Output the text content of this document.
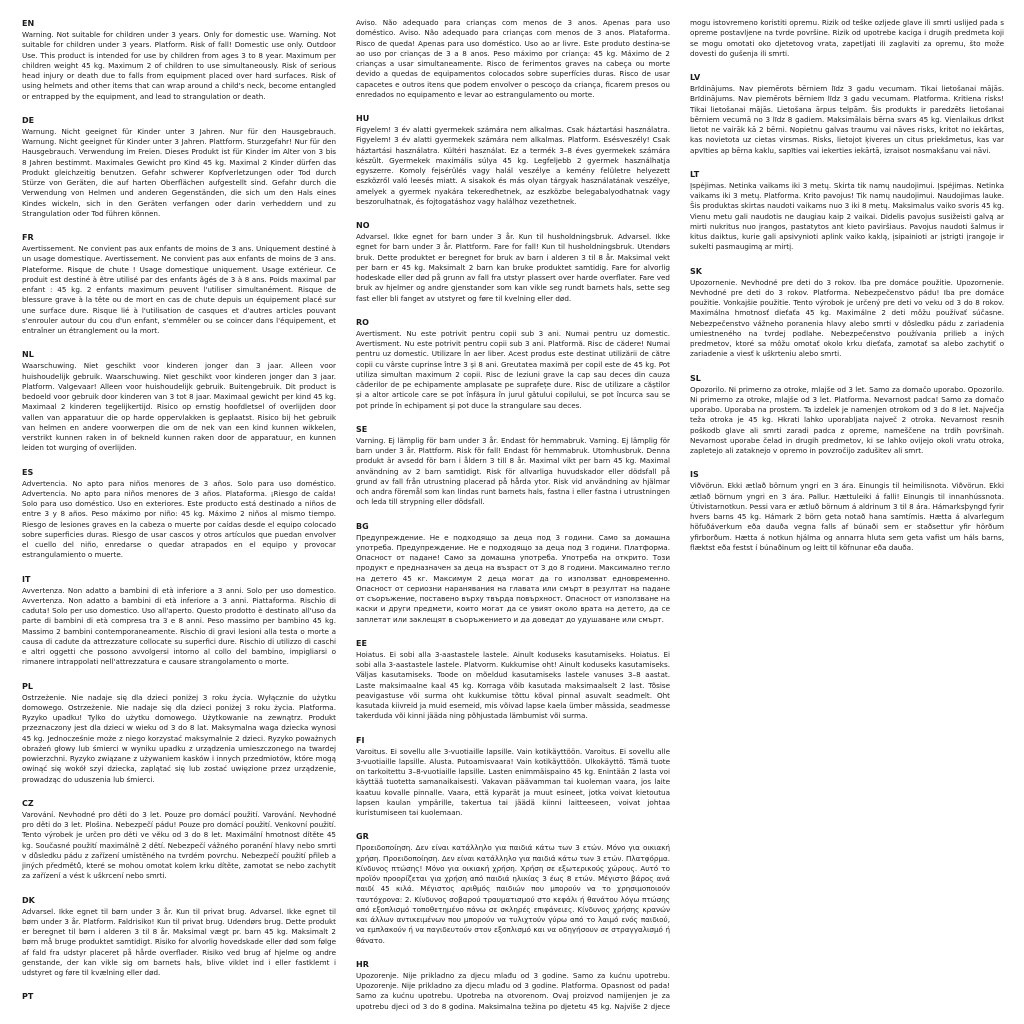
EN
Warning. Not suitable for children under 3 years. Only for domestic use. Warning. Not suitable for children under 3 years. Platform. Risk of fall! Domestic use only. Outdoor Use. This product is intended for use by children from ages 3 to 8 year. Maximum per children weight 45 kg. Maximum 2 of children to use simultaneously. Risk of serious head injury or death due to falls from equipment placed over hard surfaces. Risk of using helmets and other items that can wrap around a child's neck, become entangled or entrapped by the equipment, and lead to strangulation or death.
DE
Warnung. Nicht geeignet für Kinder unter 3 Jahren. Nur für den Hausgebrauch. Warnung. Nicht geeignet für Kinder unter 3 Jahren. Plattform. Sturzgefahr! Nur für den Hausgebrauch. Verwendung im Freien. Dieses Produkt ist für Kinder im Alter von 3 bis 8 Jahren bestimmt. Maximales Gewicht pro Kind 45 kg. Maximal 2 Kinder dürfen das Produkt gleichzeitig benutzen. Gefahr schwerer Kopfverletzungen oder Tod durch Stürze von Geräten, die auf harten Oberflächen aufgestellt sind. Gefahr durch die Verwendung von Helmen und anderen Gegenständen, die sich um den Hals eines Kindes wickeln, sich in den Geräten verfangen oder darin verheddern und zu Strangulation oder Tod führen können.
FR
Avertissement. Ne convient pas aux enfants de moins de 3 ans. Uniquement destiné à un usage domestique. Avertissement. Ne convient pas aux enfants de moins de 3 ans. Plateforme. Risque de chute ! Usage domestique uniquement. Usage extérieur. Ce produit est destiné à être utilisé par des enfants âgés de 3 à 8 ans. Poids maximal par enfant : 45 kg. 2 enfants maximum peuvent l'utiliser simultanément. Risque de blessure grave à la tête ou de mort en cas de chute depuis un équipement placé sur une surface dure. Risque lié à l'utilisation de casques et d'autres articles pouvant s'enrouler autour du cou d'un enfant, s'emmêler ou se coincer dans l'équipement, et entraîner un étranglement ou la mort.
NL
Waarschuwing. Niet geschikt voor kinderen jonger dan 3 jaar. Alleen voor huishoudelijk gebruik. Waarschuwing. Niet geschikt voor kinderen jonger dan 3 jaar. Platform. Valgevaar! Alleen voor huishoudelijk gebruik. Buitengebruik. Dit product is bedoeld voor gebruik door kinderen van 3 tot 8 jaar. Maximaal gewicht per kind 45 kg. Maximaal 2 kinderen tegelijkertijd. Risico op ernstig hoofdletsel of overlijden door vallen van apparatuur die op harde oppervlakken is geplaatst. Risico bij het gebruik van helmen en andere voorwerpen die om de nek van een kind kunnen wikkelen, verstrikt kunnen raken in of bekneld kunnen raken door de apparatuur, en kunnen leiden tot wurging of overlijden.
ES
Advertencia. No apto para niños menores de 3 años. Solo para uso doméstico. Advertencia. No apto para niños menores de 3 años. Plataforma. ¡Riesgo de caída! Solo para uso doméstico. Uso en exteriores. Este producto está destinado a niños de entre 3 y 8 años. Peso máximo por niño: 45 kg. Máximo 2 niños al mismo tiempo. Riesgo de lesiones graves en la cabeza o muerte por caídas desde el equipo colocado sobre superficies duras. Riesgo de usar cascos y otros artículos que puedan envolver el cuello del niño, enredarse o quedar atrapados en el equipo y provocar estrangulamiento o muerte.
IT
Avvertenza. Non adatto a bambini di età inferiore a 3 anni. Solo per uso domestico. Avvertenza. Non adatto a bambini di età inferiore a 3 anni. Piattaforma. Rischio di caduta! Solo per uso domestico. Uso all'aperto. Questo prodotto è destinato all'uso da parte di bambini di età compresa tra 3 e 8 anni. Peso massimo per bambino 45 kg. Massimo 2 bambini contemporaneamente. Rischio di gravi lesioni alla testa o morte a causa di cadute da attrezzature collocate su superfici dure. Rischio di utilizzo di caschi e altri oggetti che possono avvolgersi intorno al collo del bambino, impigliarsi o rimanere intrappolati nell'attrezzatura e causare strangolamento o morte.
PL
Ostrzeżenie. Nie nadaje się dla dzieci poniżej 3 roku życia. Wyłącznie do użytku domowego. Ostrzeżenie. Nie nadaje się dla dzieci poniżej 3 roku życia. Platforma. Ryzyko upadku! Tylko do użytku domowego. Użytkowanie na zewnątrz. Produkt przeznaczony jest dla dzieci w wieku od 3 do 8 lat. Maksymalna waga dziecka wynosi 45 kg. Jednocześnie może z niego korzystać maksymalnie 2 dzieci. Ryzyko poważnych obrażeń głowy lub śmierci w wyniku upadku z urządzenia umieszczonego na twardej powierzchni. Ryzyko związane z używaniem kasków i innych przedmiotów, które mogą owinąć się wokół szyi dziecka, zaplątać się lub zostać uwięzione przez urządzenie, prowadząc do uduszenia lub śmierci.
CZ
Varování. Nevhodné pro děti do 3 let. Pouze pro domácí použití. Varování. Nevhodné pro děti do 3 let. Plošina. Nebezpečí pádu! Pouze pro domácí použití. Venkovní použití. Tento výrobek je určen pro děti ve věku od 3 do 8 let. Maximální hmotnost dítěte 45 kg. Současné použití maximálně 2 dětí. Nebezpečí vážného poranění hlavy nebo smrti v důsledku pádu z zařízení umístěného na tvrdém povrchu. Nebezpečí použití přileb a jiných předmětů, které se mohou omotat kolem krku dítěte, zamotat se nebo zachytit za zařízení a vést k uškrcení nebo smrti.
DK
Advarsel. Ikke egnet til børn under 3 år. Kun til privat brug. Advarsel. Ikke egnet til børn under 3 år. Platform. Faldrisiko! Kun til privat brug. Udendørs brug. Dette produkt er beregnet til børn i alderen 3 til 8 år. Maksimal vægt pr. barn 45 kg. Maksimalt 2 børn må bruge produktet samtidigt. Risiko for alvorlig hovedskade eller død som følge af fald fra udstyr placeret på hårde overflader. Risiko ved brug af hjelme og andre genstande, der kan vikle sig om barnets hals, blive viklet ind i eller fastklemt i udstyret og føre til kvælning eller død.
PT
Aviso. Não adequado para crianças com menos de 3 anos. Apenas para uso doméstico. Aviso. Não adequado para crianças com menos de 3 anos. Plataforma. Risco de queda! Apenas para uso doméstico. Uso ao ar livre. Este produto destina-se ao uso por crianças de 3 a 8 anos. Peso máximo por criança: 45 kg. Máximo de 2 crianças a usar simultaneamente. Risco de ferimentos graves na cabeça ou morte devido a quedas de equipamentos colocados sobre superfícies duras. Risco de usar capacetes e outros itens que podem envolver o pescoço da criança, ficarem presos ou enredados no equipamento e levar ao estrangulamento ou morte.
HU
Figyelem! 3 év alatti gyermekek számára nem alkalmas. Csak háztartási használatra. Figyelem! 3 év alatti gyermekek számára nem alkalmas. Platform. Esésveszély! Csak háztartási használatra. Kültéri használat. Ez a termék 3–8 éves gyermekek számára készült. Gyermekek maximális súlya 45 kg. Legfeljebb 2 gyermek használhatja egyszerre. Komoly fejsérülés vagy halál veszélye a kemény felületre helyezett eszközről való leesés miatt. A sisakok és más olyan tárgyak használatának veszélye, amelyek a gyermek nyakára tekeredhetnek, az eszközbe belegabalyodhatnak vagy beszorulhatnak, és fojtogatáshoz vagy halálhoz vezethetnek.
NO
Advarsel. Ikke egnet for barn under 3 år. Kun til husholdningsbruk. Advarsel. Ikke egnet for barn under 3 år. Plattform. Fare for fall! Kun til husholdningsbruk. Utendørs bruk. Dette produktet er beregnet for bruk av barn i alderen 3 til 8 år. Maksimal vekt per barn er 45 kg. Maksimalt 2 barn kan bruke produktet samtidig. Fare for alvorlig hodeskade eller død på grunn av fall fra utstyr plassert over harde overflater. Fare ved bruk av hjelmer og andre gjenstander som kan vikle seg rundt barnets hals, sette seg fast eller bli fanget av utstyret og føre til kvelning eller død.
RO
Avertisment. Nu este potrivit pentru copii sub 3 ani. Numai pentru uz domestic. Avertisment. Nu este potrivit pentru copii sub 3 ani. Platformă. Risc de cădere! Numai pentru uz domestic. Utilizare în aer liber. Acest produs este destinat utilizării de către copii cu vârste cuprinse între 3 și 8 ani. Greutatea maximă per copil este de 45 kg. Pot utiliza simultan maximum 2 copii. Risc de leziuni grave la cap sau deces din cauza căderilor de pe echipamente amplasate pe suprafețe dure. Risc de utilizare a căștilor și a altor articole care se pot înfășura în jurul gâtului copilului, se pot încurca sau se pot prinde în echipament și pot duce la strangulare sau deces.
SE
Varning. Ej lämplig för barn under 3 år. Endast för hemmabruk. Varning. Ej lämplig för barn under 3 år. Plattform. Risk för fall! Endast för hemmabruk. Utomhusbruk. Denna produkt är avsedd för barn i åldern 3 till 8 år. Maximal vikt per barn 45 kg. Maximal användning av 2 barn samtidigt. Risk för allvarliga huvudskador eller dödsfall på grund av fall från utrustning placerad på hårda ytor. Risk vid användning av hjälmar och andra föremål som kan lindas runt barnets hals, fastna i eller fastna i utrustningen och leda till strypning eller dödsfall.
BG
Предупреждение. Не е подходящо за деца под 3 години. Само за домашна употреба. Предупреждение. Не е подходящо за деца под 3 години. Платформа. Опасност от падане! Само за домашна употреба. Употреба на открито. Този продукт е предназначен за деца на възраст от 3 до 8 години. Максимално тегло на детето 45 кг. Максимум 2 деца могат да го използват едновременно. Опасност от сериозни наранявания на главата или смърт в резултат на падане от съоръжение, поставено върху твърда повърхност. Опасност от използване на каски и други предмети, които могат да се увият около врата на детето, да се заплетат или заклещят в съоръжението и да доведат до удушаване или смърт.
EE
Hoiatus. Ei sobi alla 3-aastastele lastele. Ainult koduseks kasutamiseks. Hoiatus. Ei sobi alla 3-aastastele lastele. Platvorm. Kukkumise oht! Ainult koduseks kasutamiseks. Väljas kasutamiseks. Toode on mõeldud kasutamiseks lastele vanuses 3–8 aastat. Laste maksimaalne kaal 45 kg. Korraga võib kasutada maksimaalselt 2 last. Tõsise peavigastuse või surma oht kukkumise tõttu kõval pinnal asuvalt seadmelt. Oht kasutada kiivreid ja muid esemeid, mis võivad lapse kaela ümber mässida, seadmesse takerduda või kinni jääda ning põhjustada lämbumist või surma.
FI
Varoitus. Ei sovellu alle 3-vuotiaille lapsille. Vain kotikäyttöön. Varoitus. Ei sovellu alle 3-vuotiaille lapsille. Alusta. Putoamisvaara! Vain kotikäyttöön. Ulkokäyttö. Tämä tuote on tarkoitettu 3–8-vuotiaille lapsille. Lasten enimmäispaino 45 kg. Enintään 2 lasta voi käyttää tuotetta samanaikaisesti. Vakavan päävamman tai kuoleman vaara, jos laite kaatuu kovalle pinnalle. Vaara, että kyparät ja muut esineet, jotka voivat kietoutua lapsen kaulan ympärille, takertua tai jäädä kiinni laitteeseen, voivat johtaa kuristumiseen tai kuolemaan.
GR
Προειδοποίηση. Δεν είναι κατάλληλο για παιδιά κάτω των 3 ετών. Μόνο για οικιακή χρήση. Προειδοποίηση. Δεν είναι κατάλληλο για παιδιά κάτω των 3 ετών. Πλατφόρμα. Κίνδυνος πτώσης! Μόνο για οικιακή χρήση. Χρήση σε εξωτερικούς χώρους. Αυτό το προϊόν προορίζεται για χρήση από παιδιά ηλικίας 3 έως 8 ετών. Μέγιστο βάρος ανά παιδί 45 κιλά. Μέγιστος αριθμός παιδιών που μπορούν να το χρησιμοποιούν ταυτόχρονα: 2. Κίνδυνος σοβαρού τραυματισμού στο κεφάλι ή θανάτου λόγω πτώσης από εξοπλισμό τοποθετημένο πάνω σε σκληρές επιφάνειες. Κίνδυνος χρήσης κρανών και άλλων αντικειμένων που μπορούν να τυλιχτούν γύρω από το λαιμό ενός παιδιού, να εμπλακούν ή να παγιδευτούν στον εξοπλισμό και να οδηγήσουν σε στραγγαλισμό ή θάνατο.
HR
Upozorenje. Nije prikladno za djecu mlađu od 3 godine. Samo za kućnu upotrebu. Upozorenje. Nije prikladno za djecu mlađu od 3 godine. Platforma. Opasnost od pada! Samo za kućnu upotrebu. Upotreba na otvorenom. Ovaj proizvod namijenjen je za upotrebu djeci od 3 do 8 godina. Maksimalna težina po djetetu 45 kg. Najviše 2 djece mogu istovremeno koristiti opremu. Rizik od teške ozljede glave ili smrti uslijed pada s opreme postavljene na tvrde površine. Rizik od upotrebe kaciga i drugih predmeta koji se mogu omotati oko djetetovog vrata, zapetljati ili zaglaviti za opremu, što može dovesti do gušenja ili smrti.
LV
Brīdinājums. Nav piemērots bērniem līdz 3 gadu vecumam. Tikai lietošanai mājās. Brīdinājums. Nav piemērots bērniem līdz 3 gadu vecumam. Platforma. Kritiena risks! Tikai lietošanai mājās. Lietošana ārpus telpām. Šis produkts ir paredzēts lietošanai bērniem vecumā no 3 līdz 8 gadiem. Maksimālais bērna svars 45 kg. Vienlaikus drīkst lietot ne vairāk kā 2 bērni. Nopietnu galvas traumu vai nāves risks, kritot no iekārtas, kas novietota uz cietas virsmas. Risks, lietojot ķiveres un citus priekšmetus, kas var apvīties ap bērna kaklu, sapīties vai iekerties iekārtā, izraisot nosmakšanu vai nāvi.
LT
Įspėjimas. Netinka vaikams iki 3 metų. Skirta tik namų naudojimui. Įspėjimas. Netinka vaikams iki 3 metų. Platforma. Krito pavojus! Tik namų naudojimui. Naudojimas lauke. Šis produktas skirtas naudoti vaikams nuo 3 iki 8 metų. Maksimalus vaiko svoris 45 kg. Vienu metu gali naudotis ne daugiau kaip 2 vaikai. Didelis pavojus susižeisti galvą ar mirti nukritus nuo įrangos, pastatytos ant kieto paviršiaus. Pavojus naudoti šalmus ir kitus daiktus, kurie gali apsivynioti aplink vaiko kaklą, įsipainioti ar įstrigti įrangoje ir sukelti pasmaugimą ar mirtį.
SK
Upozornenie. Nevhodné pre deti do 3 rokov. Iba pre domáce použitie. Upozornenie. Nevhodné pre deti do 3 rokov. Platforma. Nebezpečenstvo pádu! Iba pre domáce použitie. Vonkajšie použitie. Tento výrobok je určený pre deti vo veku od 3 do 8 rokov. Maximálna hmotnosť dieťaťa 45 kg. Maximálne 2 deti môžu používať súčasne. Nebezpečenstvo vážneho poranenia hlavy alebo smrti v dôsledku pádu z zariadenia umiestneného na tvrdej podlahe. Nebezpečenstvo používania prilieb a iných predmetov, ktoré sa môžu omotať okolo krku dieťaťa, zamotať sa alebo zachytiť o zariadenie a viesť k uškrteniu alebo smrti.
SL
Opozorilo. Ni primerno za otroke, mlajše od 3 let. Samo za domačo uporabo. Opozorilo. Ni primerno za otroke, mlajše od 3 let. Platforma. Nevarnost padca! Samo za domačo uporabo. Uporaba na prostem. Ta izdelek je namenjen otrokom od 3 do 8 let. Največja teža otroka je 45 kg. Hkrati lahko uporabljata največ 2 otroka. Nevarnost resnih poškodb glave ali smrti zaradi padca z opreme, nameščene na trdih površinah. Nevarnost uporabe čelad in drugih predmetov, ki se lahko ovijejo okoli vratu otroka, zapletejo ali zataknejo v opremo in povzročijo zadušitev ali smrt.
IS
Viðvörun. Ekki ætlað börnum yngri en 3 ára. Einungis til heimilisnota. Viðvörun. Ekki ætlað börnum yngri en 3 ára. Pallur. Hættuleiki á falli! Einungis til innanhússnota. Útivistarnotkun. Þessi vara er ætluð börnum á aldrinum 3 til 8 ára. Hámarksþyngd fyrir hvers barns 45 kg. Hámark 2 börn geta notað hana samtímis. Hætta á alvarlegum höfuðáverkum eða dauða vegna falls af búnaði sem er staðsettur yfir hörðum yfirborðum. Hætta á notkun hjálma og annarra hluta sem geta vafist um háls barns, flæktst eða festst í búnaðinum og leitt til köfnunar eða dauða.
